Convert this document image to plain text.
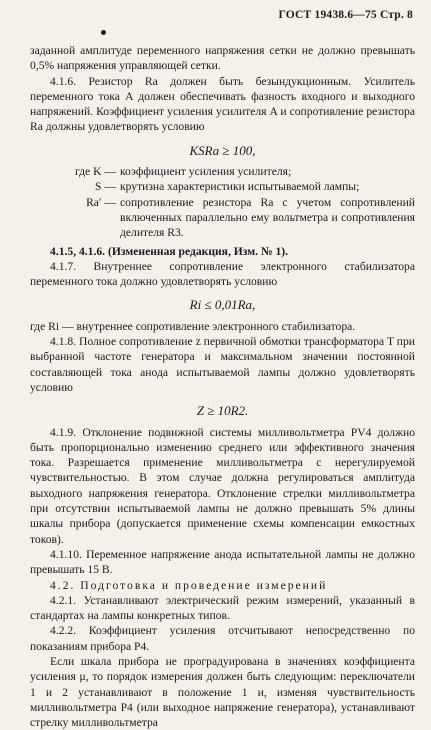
ГОСТ 19438.6—75 Стр. 8

заданной амплитуде переменного напряжения сетки не должно превышать 0,5% напряжения управляющей сетки.

4.1.6. Резистор Ra должен быть безындукционным. Усилитель переменного тока A должен обеспечивать фазность входного и выходного напряжений. Коэффициент усиления усилителя A и сопротивление резистора Ra должны удовлетворять условию

KSRa ≥ 100,
где K — коэффициент усиления усилителя;
S — крутизна характеристики испытываемой лампы;
Ra′ — сопротивление резистора Ra с учетом сопротивлений включенных параллельно ему вольтметра и сопротивления делителя R3.

4.1.5, 4.1.6. (Измененная редакция, Изм. № 1).

4.1.7. Внутреннее сопротивление электронного стабилизатора переменного тока должно удовлетворять условию

Ri ≤ 0,01Ra,

где Ri — внутреннее сопротивление электронного стабилизатора.

4.1.8. Полное сопротивление z первичной обмотки трансформатора T при выбранной частоте генератора и максимальном значении постоянной составляющей тока анода испытываемой лампы должно удовлетворять условию

Z ≥ 10R2.

4.1.9. Отклонение подвижной системы милливольтметра PV4 должно быть пропорционально изменению среднего или эффективного значения тока. Разрешается применение милливольтметра с нерегулируемой чувствительностью. В этом случае должна регулироваться амплитуда выходного напряжения генератора. Отклонение стрелки милливольтметра при отсутствии испытываемой лампы не должно превышать 5% длины шкалы прибора (допускается применение схемы компенсации емкостных токов).

4.1.10. Переменное напряжение анода испытательной лампы не должно превышать 15 В.

4.2. Подготовка и проведение измерений

4.2.1. Устанавливают электрический режим измерений, указанный в стандартах на лампы конкретных типов.

4.2.2. Коэффициент усиления отсчитывают непосредственно по показаниям прибора P4.

Если шкала прибора не проградуирована в значениях коэффициента усиления μ, то порядок измерения должен быть следующим: переключатели 1 и 2 устанавливают в положение 1 и, изменяя чувствительность милливольтметра P4 (или выходное напряжение генератора), устанавливают стрелку милливольтметра
